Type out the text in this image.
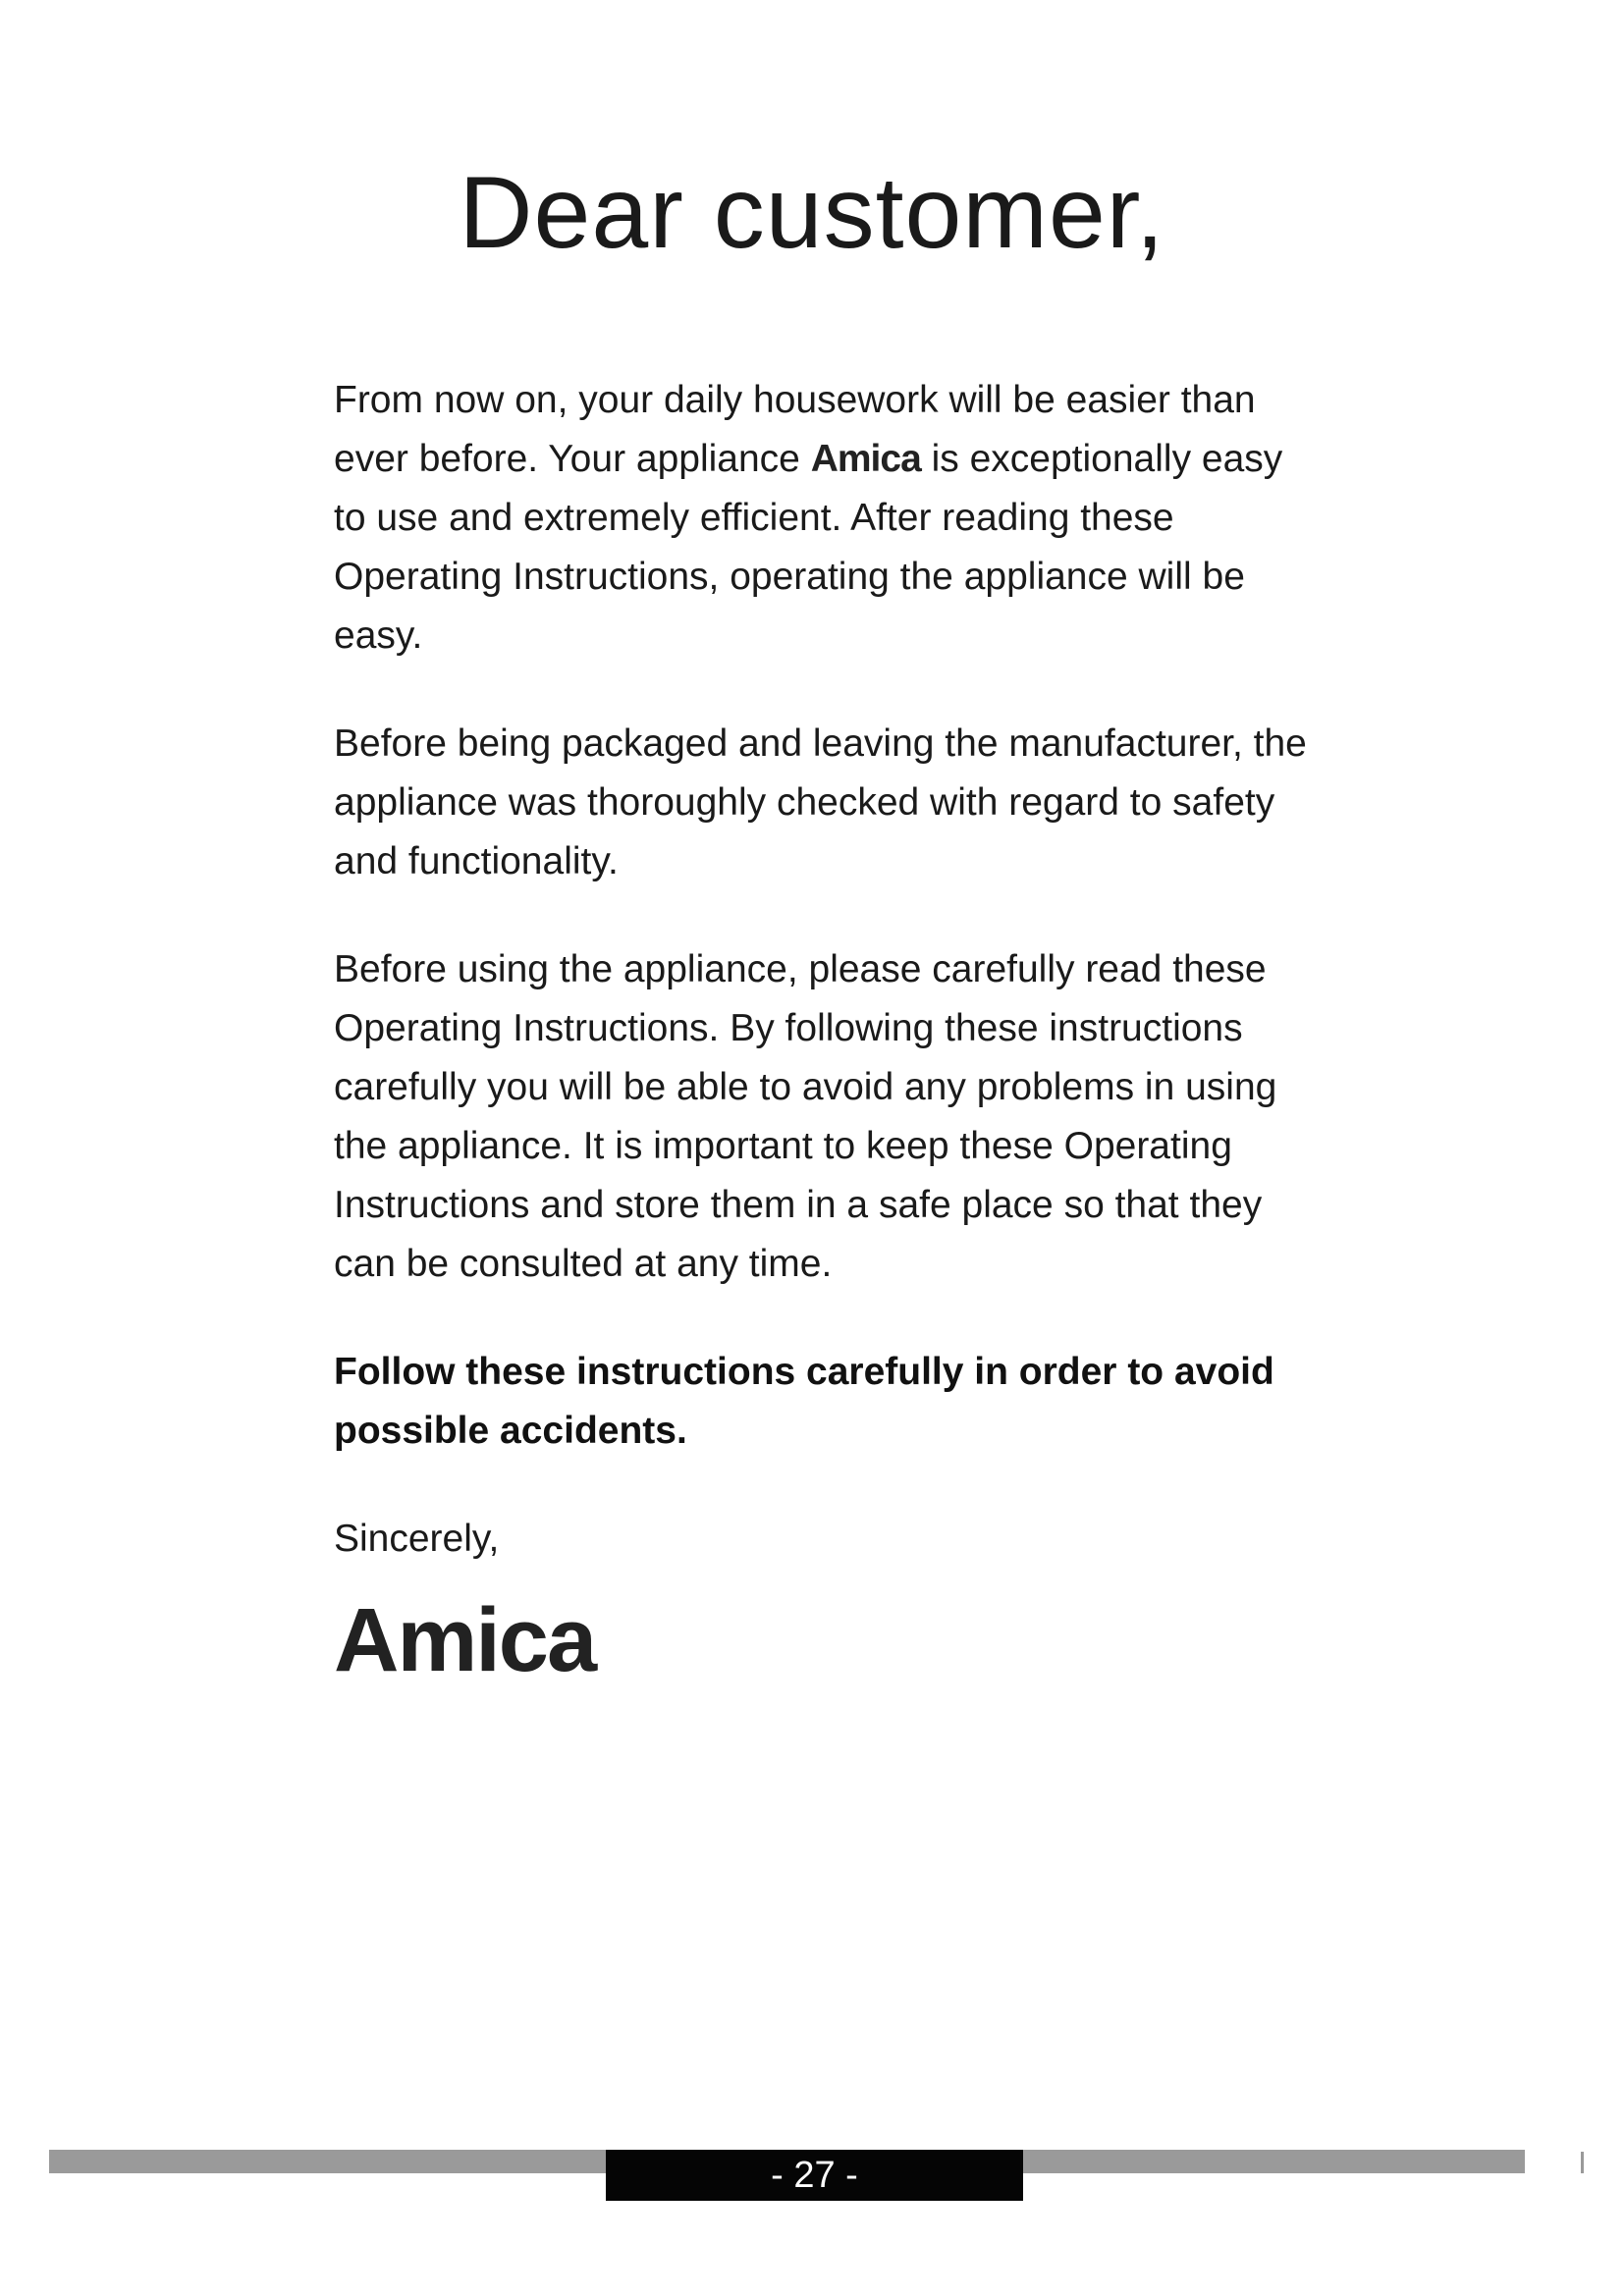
Dear customer,

From now on, your daily housework will be easier than ever before. Your appliance Amica is exceptionally easy to use and extremely efficient. After reading these Operating Instructions, operating the appliance will be easy.

Before being packaged and leaving the manufacturer, the appliance was thoroughly checked with regard to safety and functionality.

Before using the appliance, please carefully read these Operating Instructions. By following these instructions carefully you will be able to avoid any problems in using the appliance. It is important to keep these Operating Instructions and store them in a safe place so that they can be consulted at any time.

Follow these instructions carefully in order to avoid possible accidents.

Sincerely,

Amica
- 27 -
